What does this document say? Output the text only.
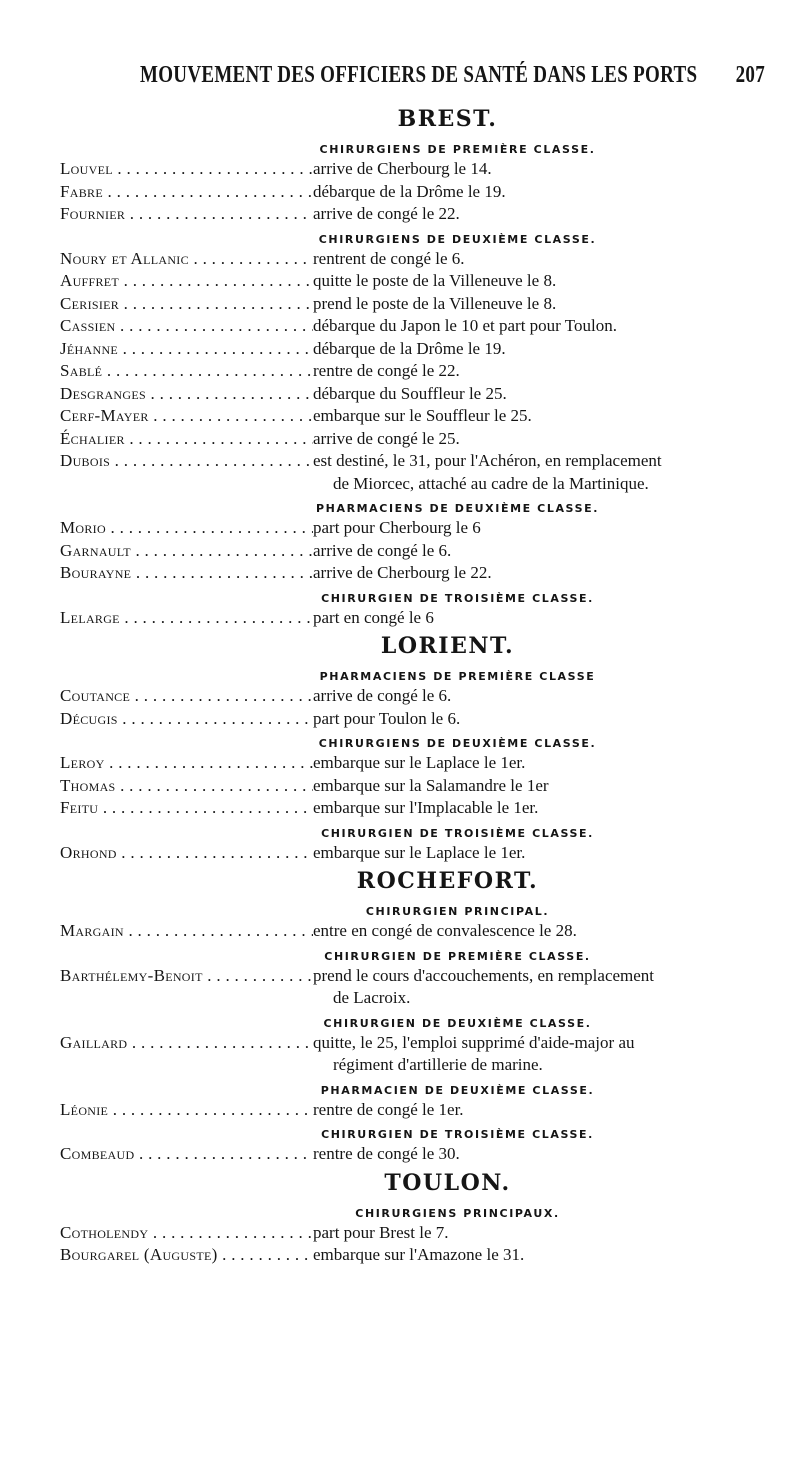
MOUVEMENT DES OFFICIERS DE SANTÉ DANS LES PORTS 207
BREST.
CHIRURGIENS DE PREMIÈRE CLASSE.
Louvel . . .	arrive de Cherbourg le 14.
Fabre . . .	débarque de la Drôme le 19.
Fournier . . .	arrive de congé le 22.
CHIRURGIENS DE DEUXIÈME CLASSE.
Noury et Allanic . . .	rentrent de congé le 6.
Auffret . . .	quitte le poste de la Villeneuve le 8.
Cerisier . . .	prend le poste de la Villeneuve le 8.
Cassien . . .	débarque du Japon le 10 et part pour Toulon.
Jéhanne . . .	débarque de la Drôme le 19.
Sablé . . .	rentre de congé le 22.
Desgranges . . .	débarque du Souffleur le 25.
Cerf-Mayer . . .	embarque sur le Souffleur le 25.
Échalier . . .	arrive de congé le 25.
Dubois . . .	est destiné, le 31, pour l'Achéron, en remplacement
de Miorcec, attaché au cadre de la Martinique.
PHARMACIENS DE DEUXIÈME CLASSE.
Morio . . .	part pour Cherbourg le 6
Garnault . . .	arrive de congé le 6.
Bourayne . . .	arrive de Cherbourg le 22.
CHIRURGIEN DE TROISIÈME CLASSE.
Lelarge . . .	part en congé le 6
LORIENT.
PHARMACIENS DE PREMIÈRE CLASSE
Coutance . . .	arrive de congé le 6.
Décugis . . .	part pour Toulon le 6.
CHIRURGIENS DE DEUXIÈME CLASSE.
Leroy . . .	embarque sur le Laplace le 1er.
Thomas . . .	embarque sur la Salamandre le 1er
Feitu . . .	embarque sur l'Implacable le 1er.
CHIRURGIEN DE TROISIÈME CLASSE.
Orhond . . .	embarque sur le Laplace le 1er.
ROCHEFORT.
CHIRURGIEN PRINCIPAL.
Margain . . .	entre en congé de convalescence le 28.
CHIRURGIEN DE PREMIÈRE CLASSE.
Barthélemy-Benoit . . .	prend le cours d'accouchements, en remplacement
de Lacroix.
CHIRURGIEN DE DEUXIÈME CLASSE.
Gaillard . . .	quitte, le 25, l'emploi supprimé d'aide-major au
régiment d'artillerie de marine.
PHARMACIEN DE DEUXIÈME CLASSE.
Léonie . . .	rentre de congé le 1er.
CHIRURGIEN DE TROISIÈME CLASSE.
Combeaud . . .	rentre de congé le 30.
TOULON.
CHIRURGIENS PRINCIPAUX.
Cotholendy . . .	part pour Brest le 7.
Bourgarel (Auguste) . . .	embarque sur l'Amazone le 31.
